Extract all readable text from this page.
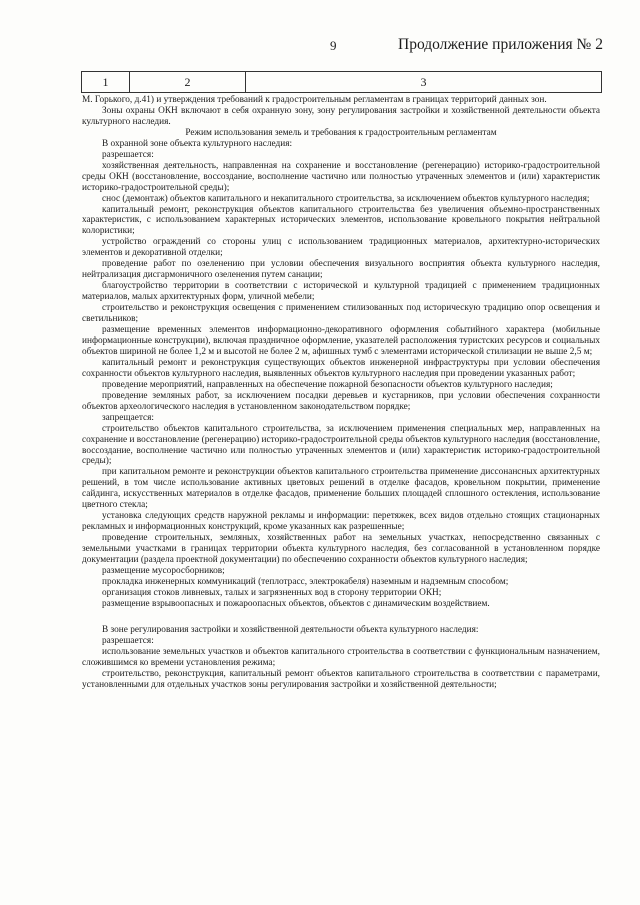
9	Продолжение приложения № 2
1	2	3

М. Горького, д.41) и утверждения требований к градостроительным регламентам в границах территорий данных зон.

Зоны охраны ОКН включают в себя охранную зону, зону регулирования застройки и хозяйственной деятельности объекта культурного наследия.

Режим использования земель и требования к градостроительным регламентам

В охранной зоне объекта культурного наследия:

разрешается:

хозяйственная деятельность, направленная на сохранение и восстановление (регенерацию) историко-градостроительной среды ОКН (восстановление, воссоздание, восполнение частично или полностью утраченных элементов и (или) характеристик историко-градостроительной среды);

снос (демонтаж) объектов капитального и некапитального строительства, за исключением объектов культурного наследия;

капитальный ремонт, реконструкция объектов капитального строительства без увеличения объемно-пространственных характеристик, с использованием характерных исторических элементов, использование кровельного покрытия нейтральной колористики;

устройство ограждений со стороны улиц с использованием традиционных материалов, архитектурно-исторических элементов и декоративной отделки;

проведение работ по озеленению при условии обеспечения визуального восприятия объекта культурного наследия, нейтрализация дисгармоничного озеленения путем санации;

благоустройство территории в соответствии с исторической и культурной традицией с применением традиционных материалов, малых архитектурных форм, уличной мебели;

строительство и реконструкция освещения с применением стилизованных под историческую традицию опор освещения и светильников;

размещение временных элементов информационно-декоративного оформления событийного характера (мобильные информационные конструкции), включая праздничное оформление, указателей расположения туристских ресурсов и социальных объектов шириной не более 1,2 м и высотой не более 2 м, афишных тумб с элементами исторической стилизации не выше 2,5 м;

капитальный ремонт и реконструкция существующих объектов инженерной инфраструктуры при условии обеспечения сохранности объектов культурного наследия, выявленных объектов культурного наследия при проведении указанных работ;

проведение мероприятий, направленных на обеспечение пожарной безопасности объектов культурного наследия;

проведение земляных работ, за исключением посадки деревьев и кустарников, при условии обеспечения сохранности объектов археологического наследия в установленном законодательством порядке;

запрещается:

строительство объектов капитального строительства, за исключением применения специальных мер, направленных на сохранение и восстановление (регенерацию) историко-градостроительной среды объектов культурного наследия (восстановление, воссоздание, восполнение частично или полностью утраченных элементов и (или) характеристик историко-градостроительной среды);

при капитальном ремонте и реконструкции объектов капитального строительства применение диссонансных архитектурных решений, в том числе использование активных цветовых решений в отделке фасадов, кровельном покрытии, применение сайдинга, искусственных материалов в отделке фасадов, применение больших площадей сплошного остекления, использование цветного стекла;

установка следующих средств наружной рекламы и информации: перетяжек, всех видов отдельно стоящих стационарных рекламных и информационных конструкций, кроме указанных как разрешенные;

проведение строительных, земляных, хозяйственных работ на земельных участках, непосредственно связанных с земельными участками в границах территории объекта культурного наследия, без согласованной в установленном порядке документации (раздела проектной документации) по обеспечению сохранности объектов культурного наследия;

размещение мусоросборников;

прокладка инженерных коммуникаций (теплотрасс, электрокабеля) наземным и надземным способом;

организация стоков ливневых, талых и загрязненных вод в сторону территории ОКН;

размещение взрывоопасных и пожароопасных объектов, объектов с динамическим воздействием.

В зоне регулирования застройки и хозяйственной деятельности объекта культурного наследия:

разрешается:

использование земельных участков и объектов капитального строительства в соответствии с функциональным назначением, сложившимся ко времени установления режима;

строительство, реконструкция, капитальный ремонт объектов капитального строительства в соответствии с параметрами, установленными для отдельных участков зоны регулирования застройки и хозяйственной деятельности;
